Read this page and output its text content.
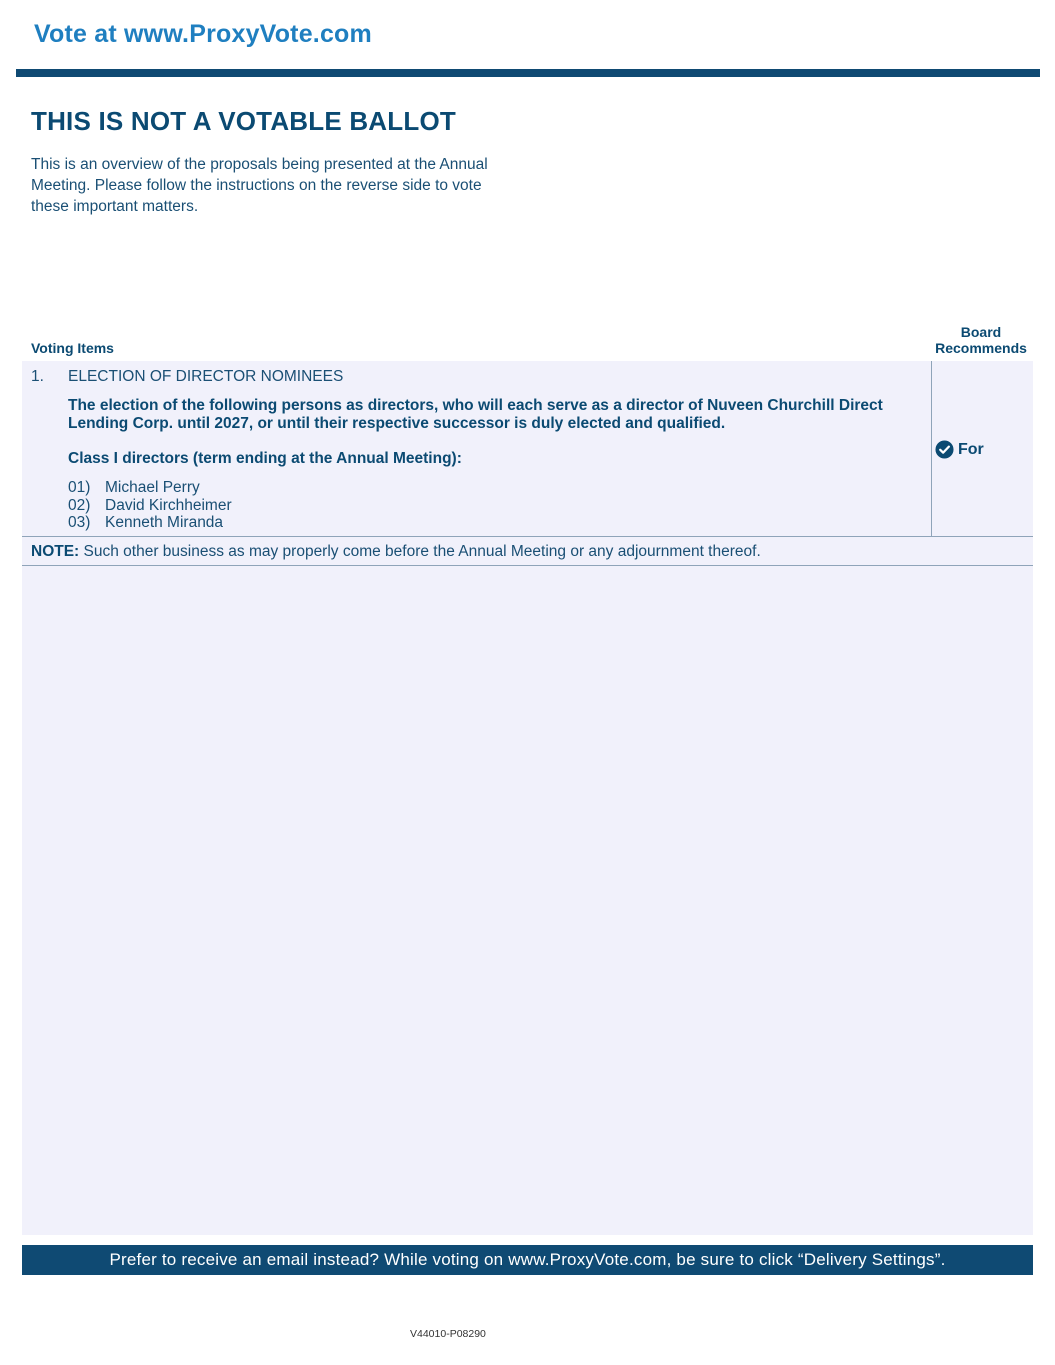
Vote at www.ProxyVote.com
THIS IS NOT A VOTABLE BALLOT

This is an overview of the proposals being presented at the Annual Meeting. Please follow the instructions on the reverse side to vote these important matters.

Voting Items
Board
Recommends
1. ELECTION OF DIRECTOR NOMINEES
The election of the following persons as directors, who will each serve as a director of Nuveen Churchill Direct Lending Corp. until 2027, or until their respective successor is duly elected and qualified.
Class I directors (term ending at the Annual Meeting):
01) Michael Perry
02) David Kirchheimer
03) Kenneth Miranda
For
NOTE: Such other business as may properly come before the Annual Meeting or any adjournment thereof.
Prefer to receive an email instead? While voting on www.ProxyVote.com, be sure to click “Delivery Settings”.
V44010-P08290
